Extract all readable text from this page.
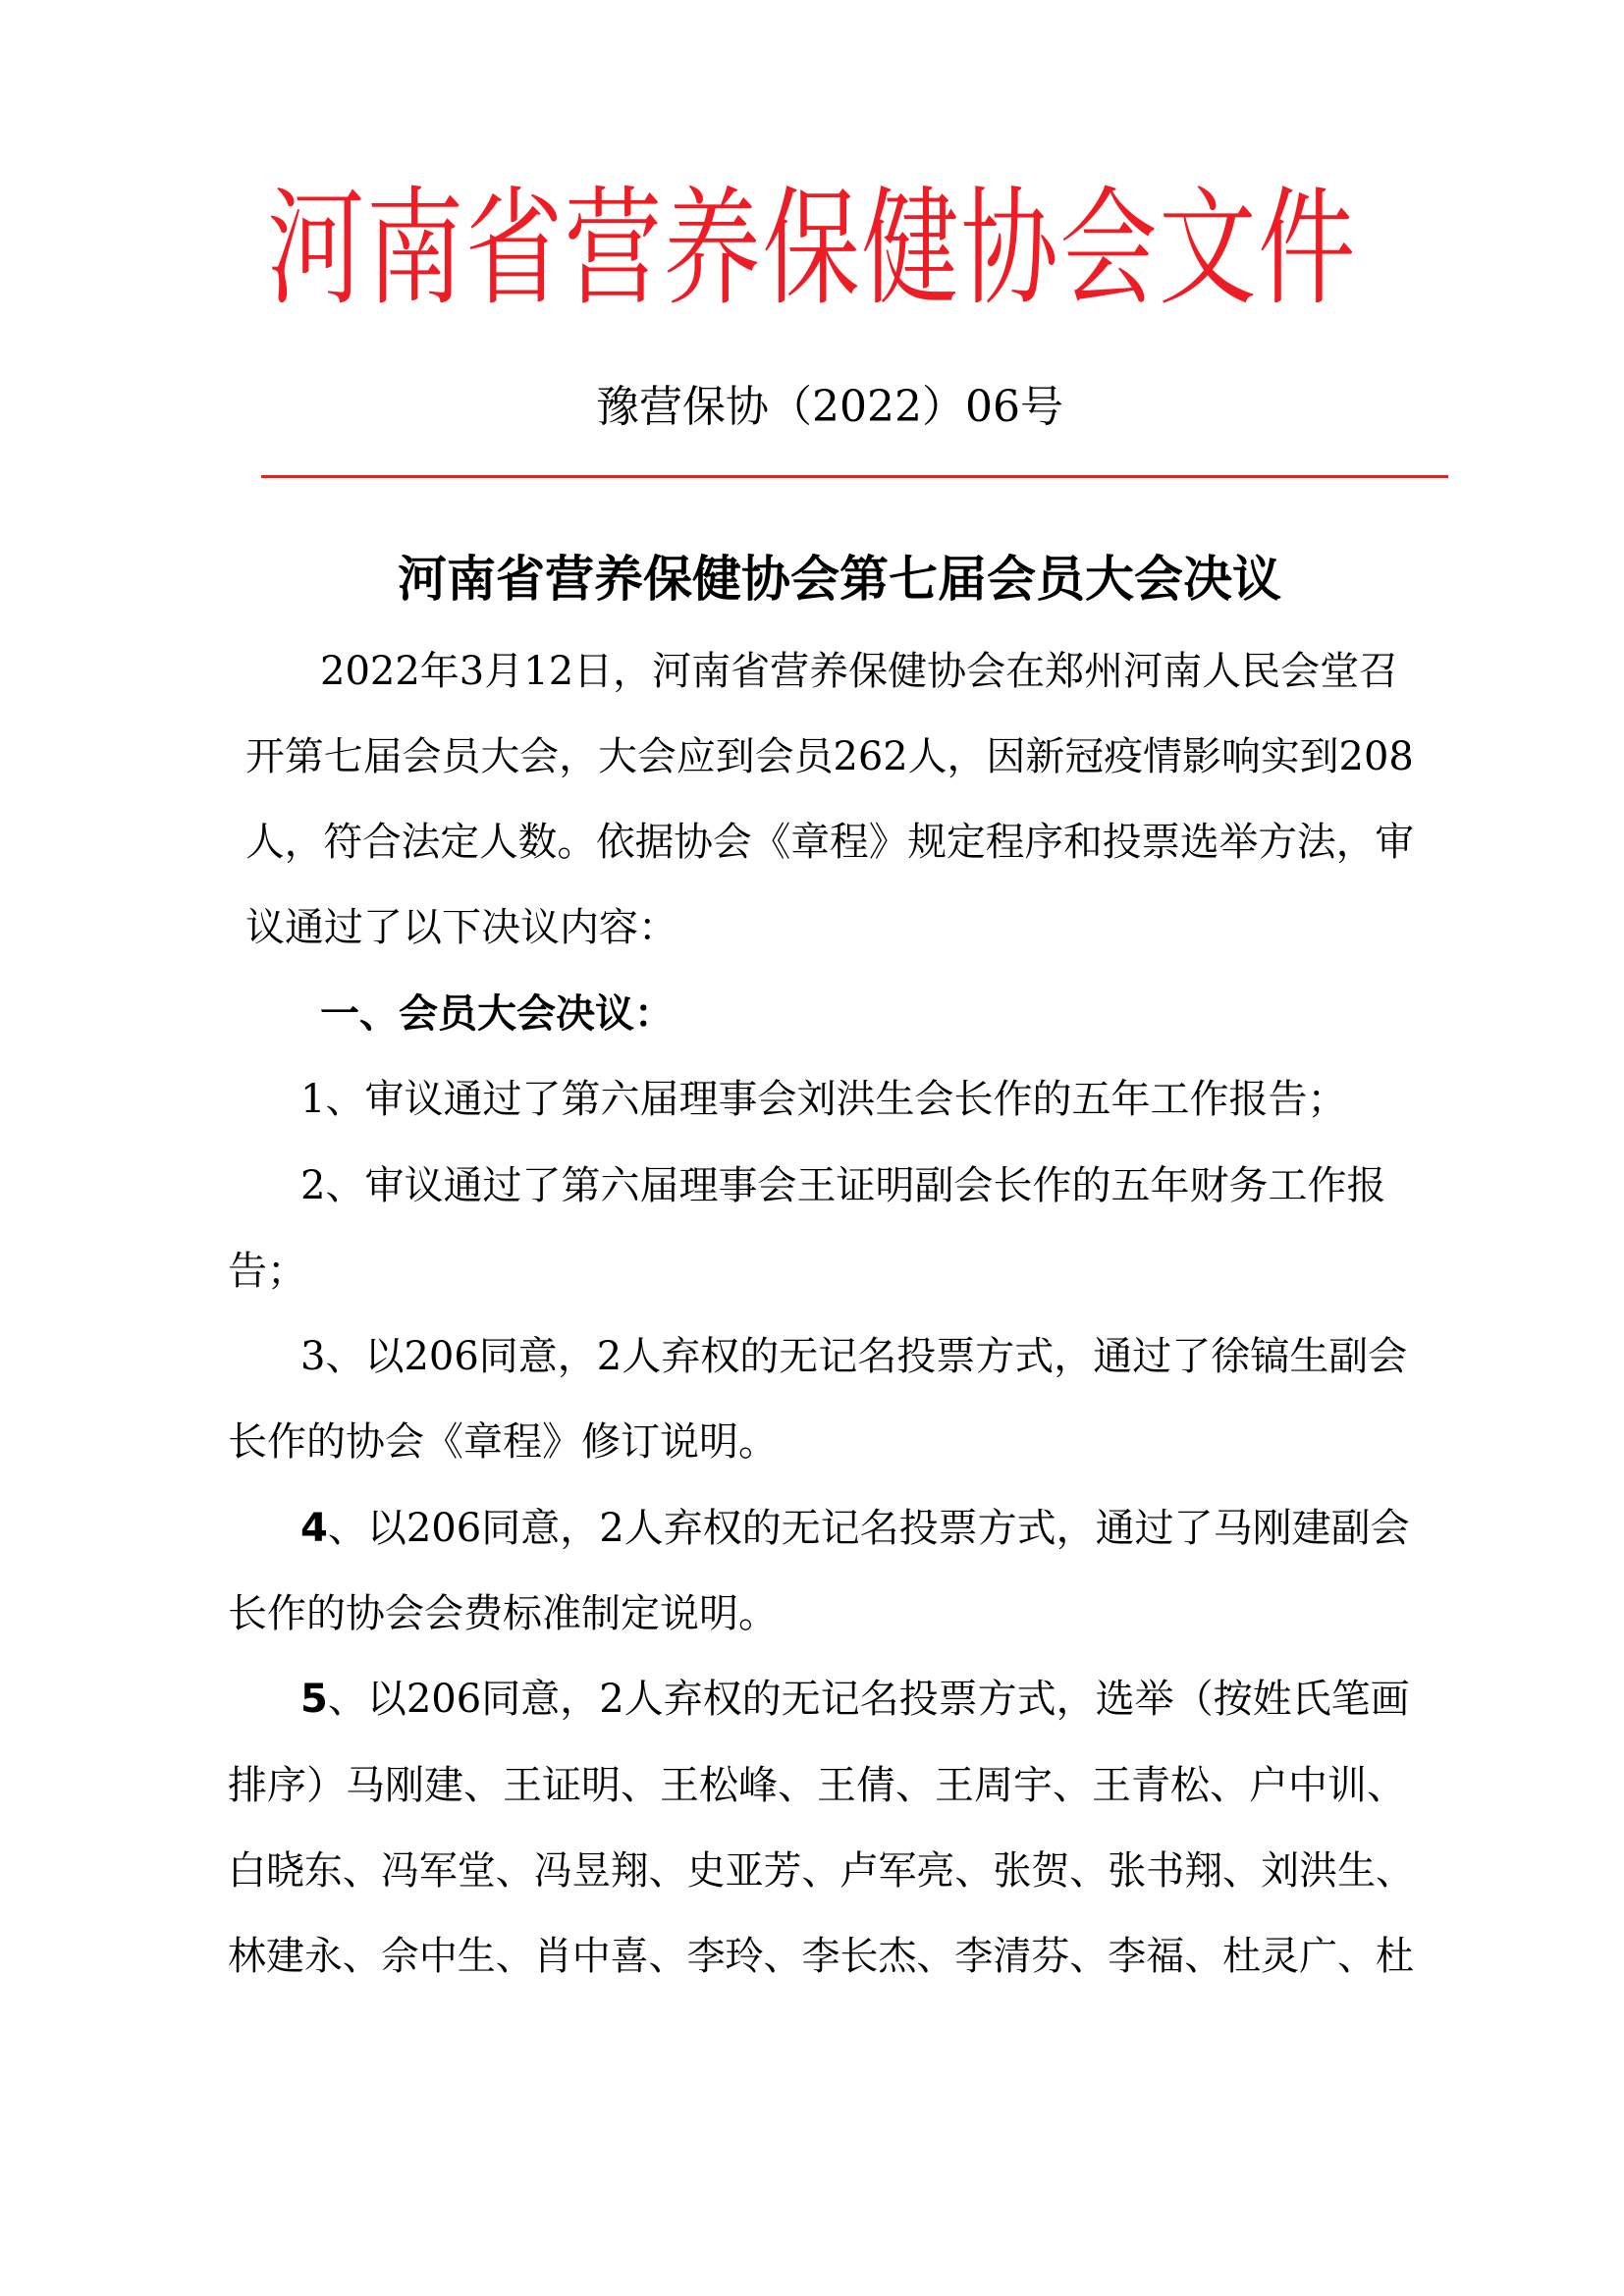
河南省营养保健协会文件
豫营保协（2022）06号
河南省营养保健协会第七届会员大会决议
2022年3月12日，河南省营养保健协会在郑州河南人民会堂召
开第七届会员大会，大会应到会员262人，因新冠疫情影响实到208
人，符合法定人数。依据协会《章程》规定程序和投票选举方法，审
议通过了以下决议内容：
一、会员大会决议：
1、审议通过了第六届理事会刘洪生会长作的五年工作报告；
2、审议通过了第六届理事会王证明副会长作的五年财务工作报
告；
3、以206同意，2人弃权的无记名投票方式，通过了徐镐生副会
长作的协会《章程》修订说明。
4、以206同意，2人弃权的无记名投票方式，通过了马刚建副会
长作的协会会费标准制定说明。
5、以206同意，2人弃权的无记名投票方式，选举（按姓氏笔画
排序）马刚建、王证明、王松峰、王倩、王周宇、王青松、户中训、
白晓东、冯军堂、冯昱翔、史亚芳、卢军亮、张贺、张书翔、刘洪生、
林建永、佘中生、肖中喜、李玲、李长杰、李清芬、李福、杜灵广、杜
